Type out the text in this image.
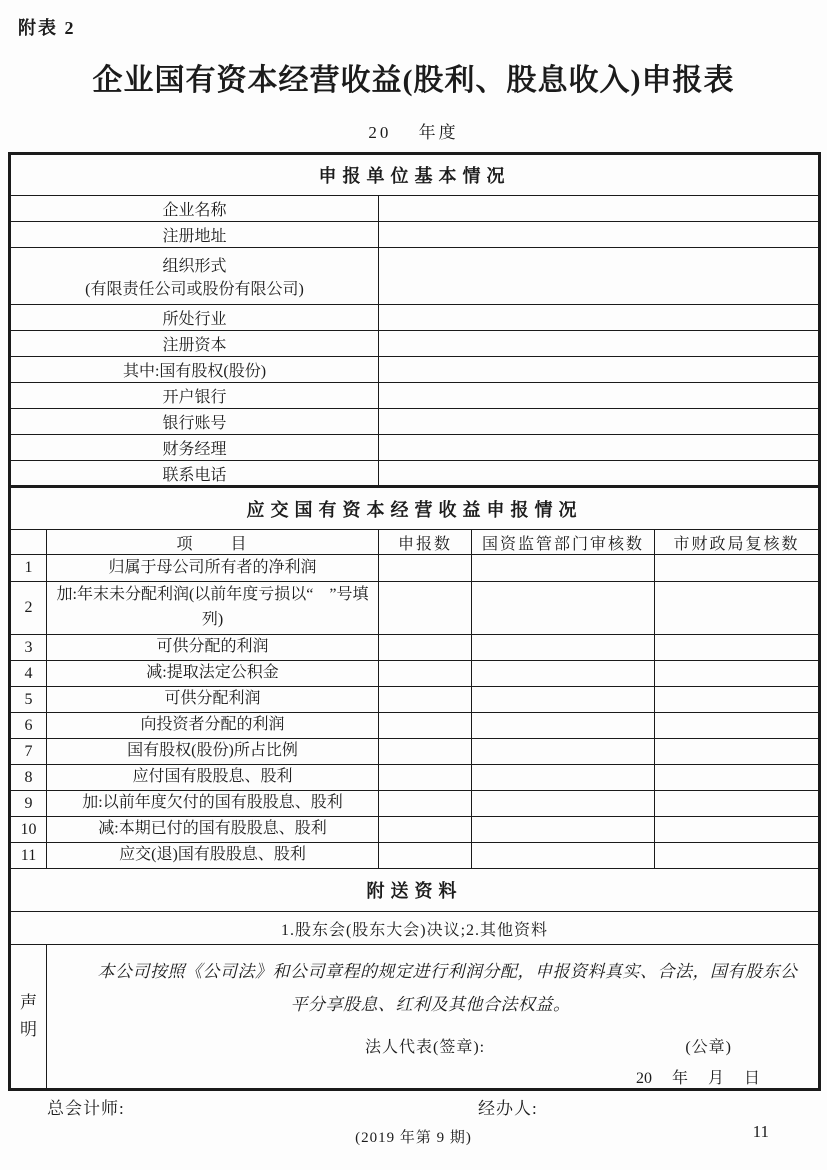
附表 2
企业国有资本经营收益(股利、股息收入)申报表
20　 年度
申报单位基本情况				
企业名称				
注册地址				

组织形式
(有限责任公司或股份有限公司)				

所处行业				
注册资本				
其中:国有股权(股份)				
开户银行				
银行账号				
财务经理				
联系电话				
应交国有资本经营收益申报情况				
	项　　目	申报数	国资监管部门审核数	市财政局复核数
1	归属于母公司所有者的净利润			
2	加:年末未分配利润(以前年度亏损以“　”号填列)			
3	可供分配的利润			
4	减:提取法定公积金			
5	可供分配利润			
6	向投资者分配的利润			
7	国有股权(股份)所占比例			
8	应付国有股股息、股利			
9	加:以前年度欠付的国有股股息、股利			
10	减:本期已付的国有股股息、股利			
11	应交(退)国有股股息、股利			
附送资料				
1.股东会(股东大会)决议;2.其他资料				

声
明

本公司按照《公司法》和公司章程的规定进行利润分配，申报资料真实、合法，国有股东公平分享股息、红利及其他合法权益。

法人代表(签章):	(公章)
20　 年　 月　 日
总会计师:	经办人:
(2019 年第 9 期)	11
